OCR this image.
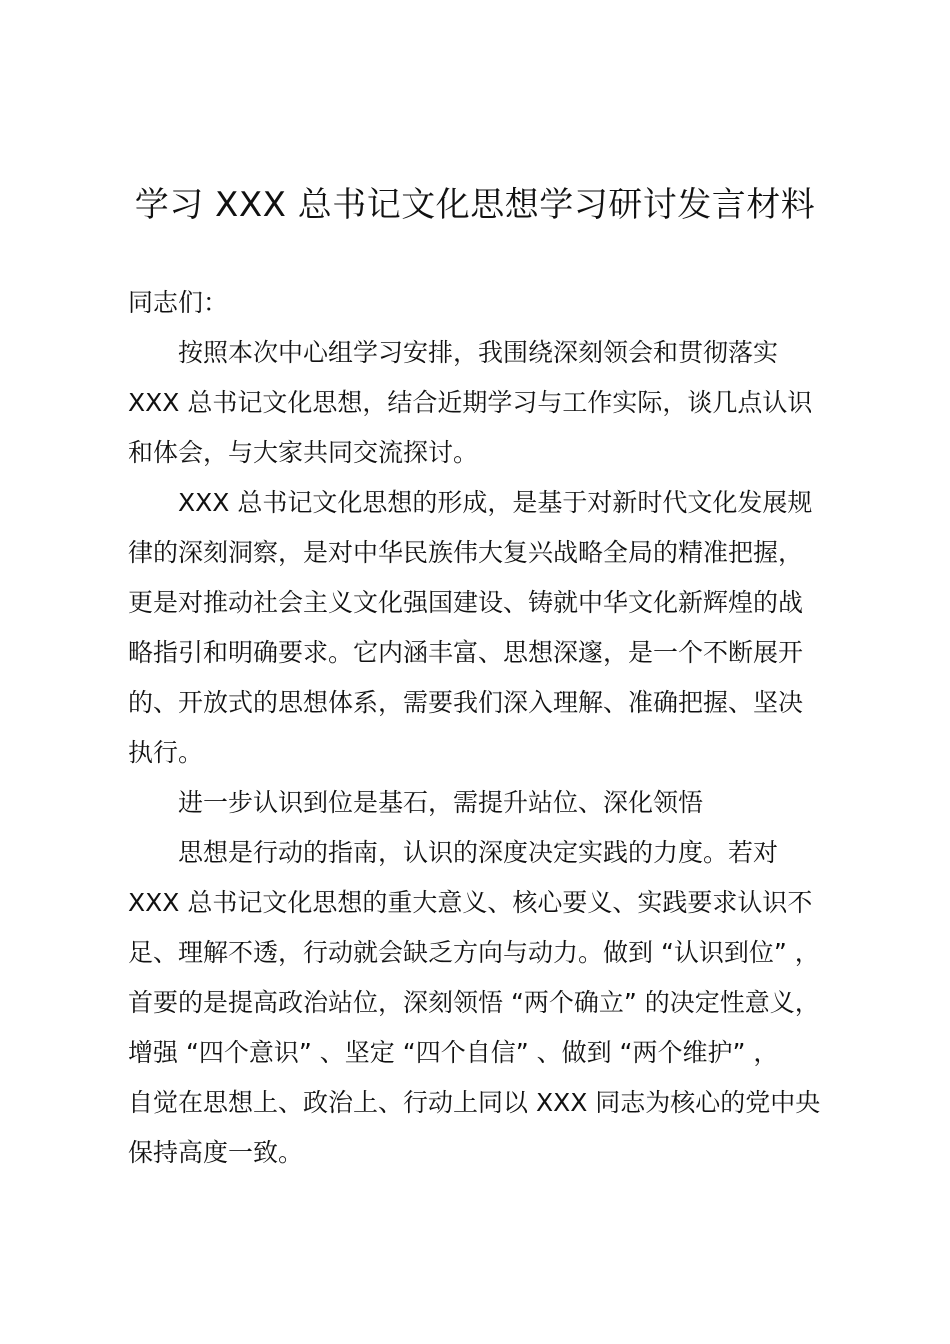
学习 XXX 总书记文化思想学习研讨发言材料

同志们：

按照本次中心组学习安排，我围绕深刻领会和贯彻落实

XXX 总书记文化思想，结合近期学习与工作实际，谈几点认识

和体会，与大家共同交流探讨。

XXX 总书记文化思想的形成，是基于对新时代文化发展规

律的深刻洞察，是对中华民族伟大复兴战略全局的精准把握，

更是对推动社会主义文化强国建设、铸就中华文化新辉煌的战

略指引和明确要求。它内涵丰富、思想深邃，是一个不断展开

的、开放式的思想体系，需要我们深入理解、准确把握、坚决

执行。

进一步认识到位是基石，需提升站位、深化领悟

思想是行动的指南，认识的深度决定实践的力度。若对

XXX 总书记文化思想的重大意义、核心要义、实践要求认识不

足、理解不透，行动就会缺乏方向与动力。做到 “认识到位” ，

首要的是提高政治站位，深刻领悟 “两个确立” 的决定性意义，

增强 “四个意识” 、坚定 “四个自信” 、做到 “两个维护” ，

自觉在思想上、政治上、行动上同以 XXX 同志为核心的党中央

保持高度一致。
